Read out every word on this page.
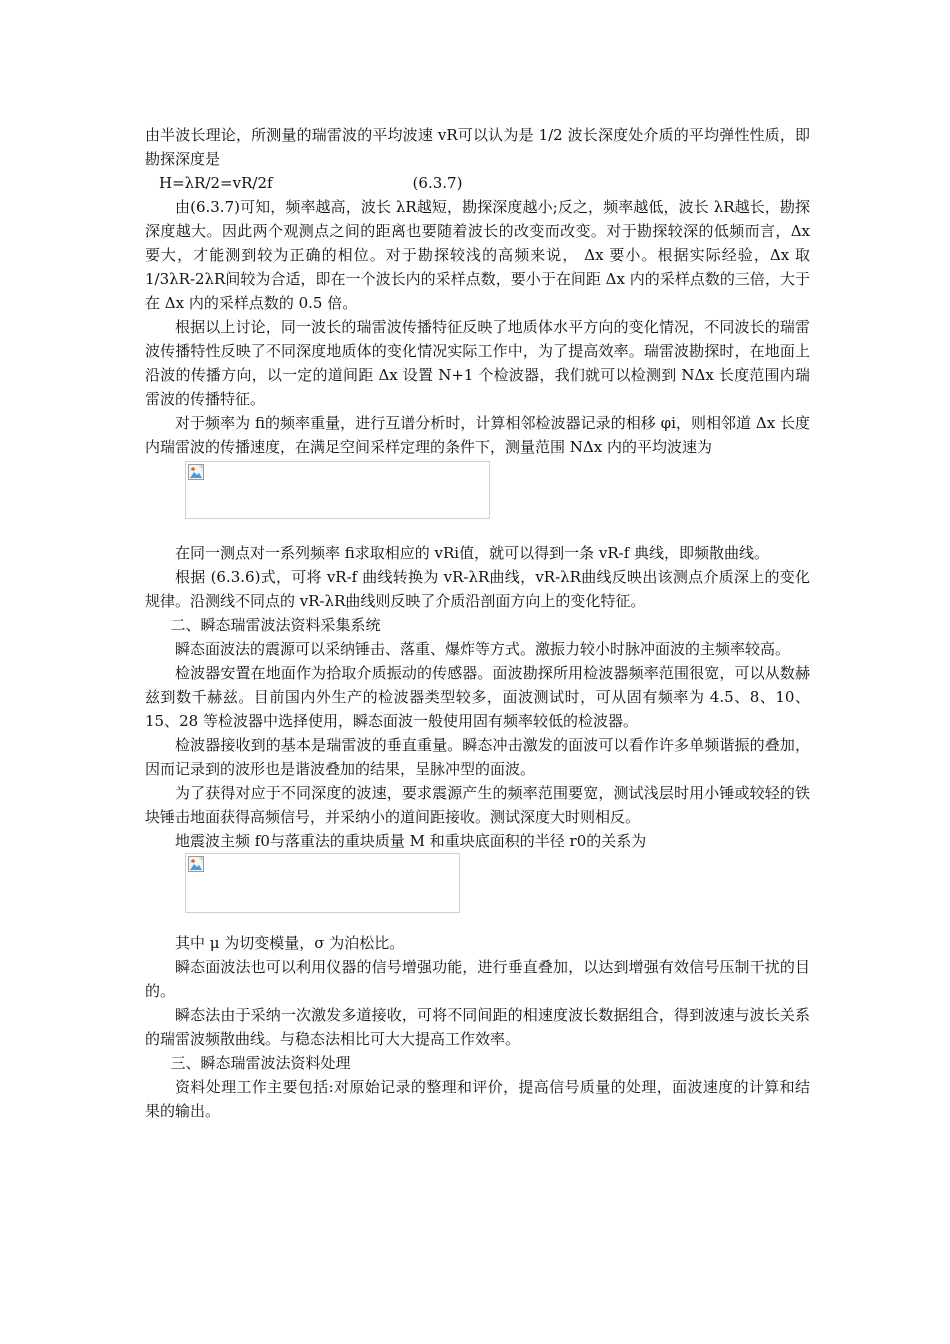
由半波长理论，所测量的瑞雷波的平均波速 vR可以认为是 1/2 波长深度处介质的平均弹性性质，即勘探深度是

H=λR/2=vR/2f	(6.3.7)

由(6.3.7)可知，频率越高，波长 λR越短，勘探深度越小;反之，频率越低，波长 λR越长，勘探深度越大。因此两个观测点之间的距离也要随着波长的改变而改变。对于勘探较深的低频而言，Δx 要大，才能测到较为正确的相位。对于勘探较浅的高频来说， Δx 要小。根据实际经验，Δx 取 1/3λR-2λR间较为合适，即在一个波长内的采样点数，要小于在间距 Δx 内的采样点数的三倍，大于在 Δx 内的采样点数的 0.5 倍。

根据以上讨论，同一波长的瑞雷波传播特征反映了地质体水平方向的变化情况，不同波长的瑞雷波传播特性反映了不同深度地质体的变化情况实际工作中，为了提高效率。瑞雷波勘探时，在地面上沿波的传播方向，以一定的道间距 Δx 设置 N+1 个检波器，我们就可以检测到 NΔx 长度范围内瑞雷波的传播特征。

对于频率为 fi的频率重量，进行互谱分析时，计算相邻检波器记录的相移 φi，则相邻道 Δx 长度内瑞雷波的传播速度，在满足空间采样定理的条件下，测量范围 NΔx 内的平均波速为

在同一测点对一系列频率 fi求取相应的 vRi值，就可以得到一条 vR-f 典线，即频散曲线。

根据 (6.3.6)式，可将 vR-f 曲线转换为 vR-λR曲线，vR-λR曲线反映出该测点介质深上的变化规律。沿测线不同点的 vR-λR曲线则反映了介质沿剖面方向上的变化特征。

二、瞬态瑞雷波法资料采集系统

瞬态面波法的震源可以采纳锤击、落重、爆炸等方式。激振力较小时脉冲面波的主频率较高。

检波器安置在地面作为拾取介质振动的传感器。面波勘探所用检波器频率范围很宽，可以从数赫兹到数千赫兹。目前国内外生产的检波器类型较多，面波测试时，可从固有频率为 4.5、8、10、15、28 等检波器中选择使用，瞬态面波一般使用固有频率较低的检波器。

检波器接收到的基本是瑞雷波的垂直重量。瞬态冲击激发的面波可以看作许多单频谐振的叠加，因而记录到的波形也是谐波叠加的结果，呈脉冲型的面波。

为了获得对应于不同深度的波速，要求震源产生的频率范围要宽，测试浅层时用小锤或较轻的铁块锤击地面获得高频信号，并采纳小的道间距接收。测试深度大时则相反。

地震波主频 f0与落重法的重块质量 M 和重块底面积的半径 r0的关系为

其中 μ 为切变模量，σ 为泊松比。

瞬态面波法也可以利用仪器的信号增强功能，进行垂直叠加，以达到增强有效信号压制干扰的目的。

瞬态法由于采纳一次激发多道接收，可将不同间距的相速度波长数据组合，得到波速与波长关系的瑞雷波频散曲线。与稳态法相比可大大提高工作效率。

三、瞬态瑞雷波法资料处理

资料处理工作主要包括:对原始记录的整理和评价，提高信号质量的处理，面波速度的计算和结果的输出。
